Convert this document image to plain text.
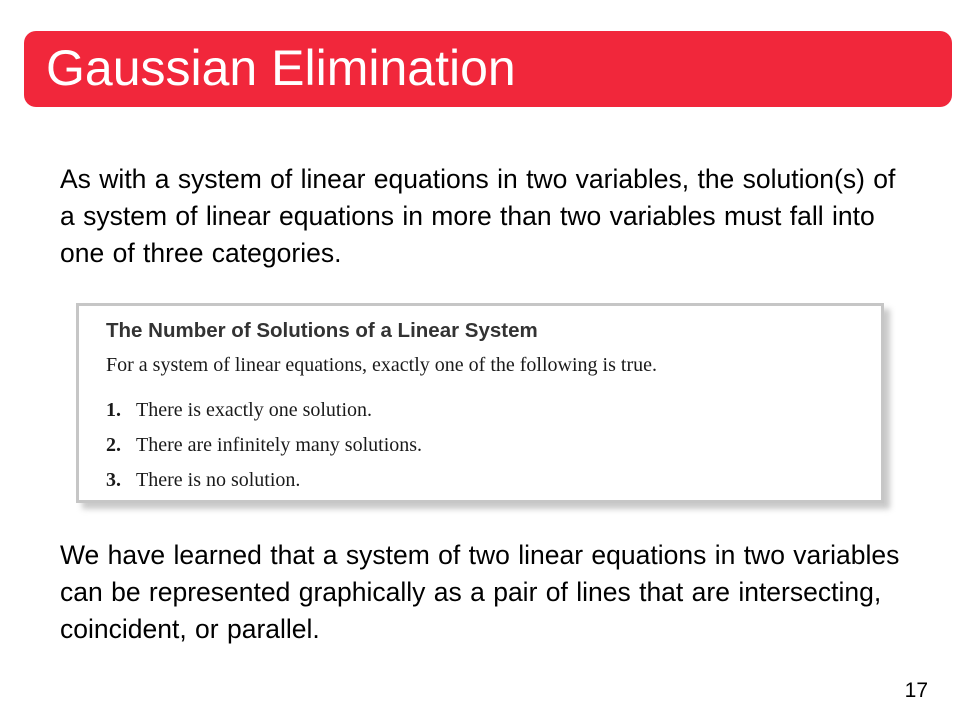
Gaussian Elimination
As with a system of linear equations in two variables, the solution(s) of a system of linear equations in more than two variables must fall into one of three categories.
The Number of Solutions of a Linear System
For a system of linear equations, exactly one of the following is true.
1. There is exactly one solution.
2. There are infinitely many solutions.
3. There is no solution.
We have learned that a system of two linear equations in two variables can be represented graphically as a pair of lines that are intersecting, coincident, or parallel.
17
